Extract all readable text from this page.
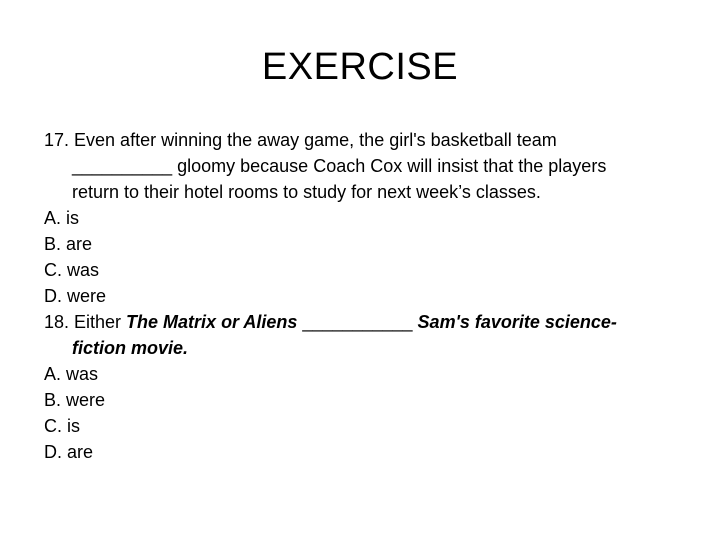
EXERCISE

17. Even after winning the away game, the girl's basketball team
__________ gloomy because Coach Cox will insist that the players
return to their hotel rooms to study for next week’s classes.

A. is

B. are

C. was

D. were

18. Either The Matrix or Aliens ___________ Sam's favorite science-
fiction movie.

A. was

B. were

C. is

D. are
